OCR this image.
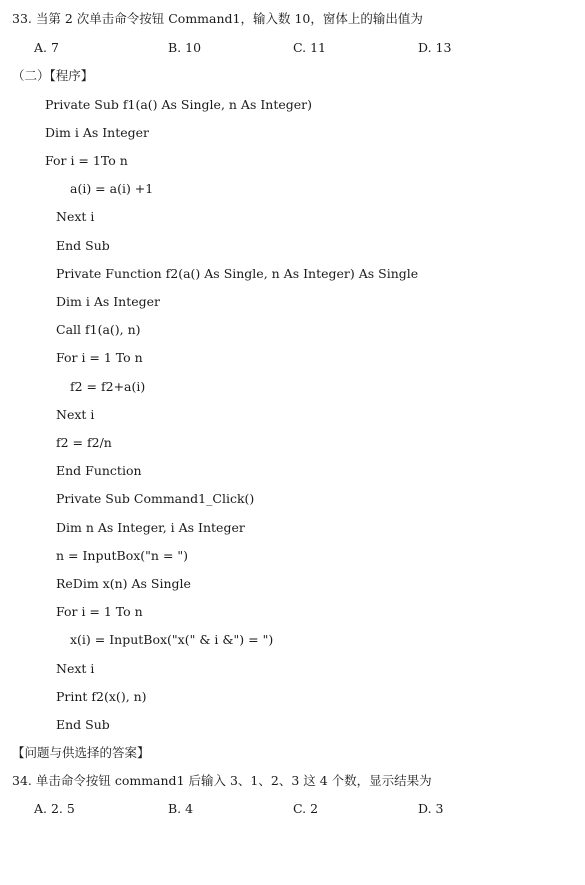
33. 当第 2 次单击命令按钮 Command1，输入数 10，窗体上的输出值为
A. 7	B. 10	C. 11	D. 13
（二）【程序】
Private Sub f1(a() As Single, n As Integer)
Dim i As Integer
For i = 1To n
a(i) = a(i) +1
Next i
End Sub
Private Function f2(a() As Single, n As Integer) As Single
Dim i As Integer
Call f1(a(), n)
For i = 1 To n
f2 = f2+a(i)
Next i
f2 = f2/n
End Function
Private Sub Command1_Click()
Dim n As Integer, i As Integer
n = InputBox("n = ")
ReDim x(n) As Single
For i = 1 To n
x(i) = InputBox("x(" & i &") = ")
Next i
Print f2(x(), n)
End Sub
【问题与供选择的答案】
34. 单击命令按钮 command1 后输入 3、1、2、3 这 4 个数，显示结果为
A. 2. 5	B. 4	C. 2	D. 3
